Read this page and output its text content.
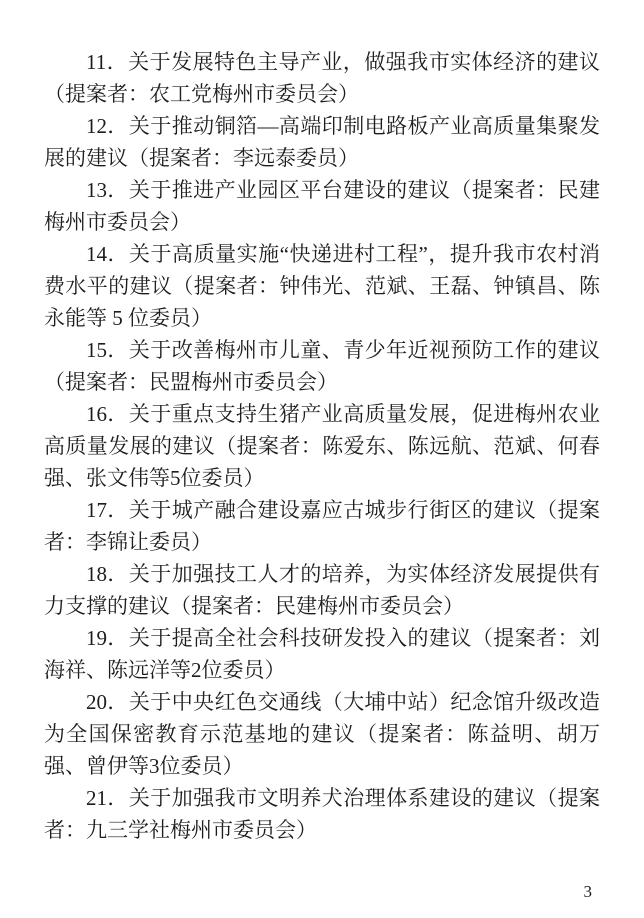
11．关于发展特色主导产业，做强我市实体经济的建议（提案者：农工党梅州市委员会）

12．关于推动铜箔—高端印制电路板产业高质量集聚发展的建议（提案者：李远泰委员）

13．关于推进产业园区平台建设的建议（提案者：民建梅州市委员会）

14．关于高质量实施“快递进村工程”，提升我市农村消费水平的建议（提案者：钟伟光、范斌、王磊、钟镇昌、陈永能等 5 位委员）

15．关于改善梅州市儿童、青少年近视预防工作的建议（提案者：民盟梅州市委员会）

16．关于重点支持生猪产业高质量发展，促进梅州农业高质量发展的建议（提案者：陈爱东、陈远航、范斌、何春强、张文伟等5位委员）

17．关于城产融合建设嘉应古城步行街区的建议（提案者：李锦让委员）

18．关于加强技工人才的培养，为实体经济发展提供有力支撑的建议（提案者：民建梅州市委员会）

19．关于提高全社会科技研发投入的建议（提案者：刘海祥、陈远洋等2位委员）

20．关于中央红色交通线（大埔中站）纪念馆升级改造为全国保密教育示范基地的建议（提案者：陈益明、胡万强、曾伊等3位委员）

21．关于加强我市文明养犬治理体系建设的建议（提案者：九三学社梅州市委员会）

3
